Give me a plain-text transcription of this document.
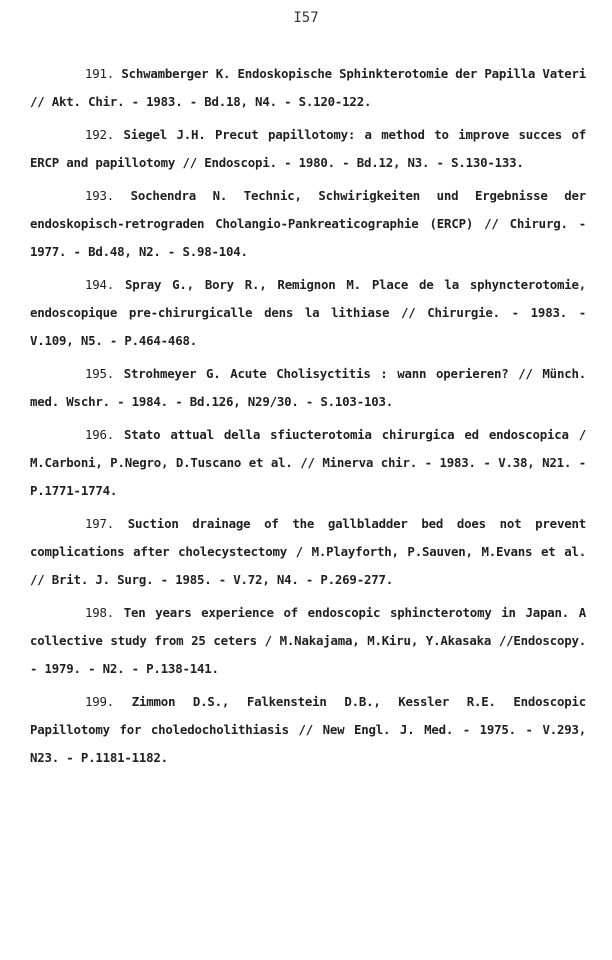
I57

191. Schwamberger K. Endoskopische Sphinkterotomie der Papilla Vateri // Akt. Chir. - 1983. - Bd.18, N4. - S.120-122.

192. Siegel J.H. Precut papillotomy: a method to improve succes of ERCP and papillotomy // Endoscopi. - 1980. - Bd.12, N3. - S.130-133.

193. Sochendra N. Technic, Schwirigkeiten und Ergebnisse der endoskopisch-retrograden Cholangio-Pankreaticographie (ERCP) // Chirurg. - 1977. - Bd.48, N2. - S.98-104.

194. Spray G., Bory R., Remignon M. Place de la sphyncterotomie, endoscopique pre-chirurgicalle dens la lithiase // Chirurgie. - 1983. - V.109, N5. - P.464-468.

195. Strohmeyer G. Acute Cholisyctitis : wann operieren? // Münch. med. Wschr. - 1984. - Bd.126, N29/30. - S.103-103.

196. Stato attual della sfiucterotomia chirurgica ed endoscopica / M.Carboni, P.Negro, D.Tuscano et al. // Minerva chir. - 1983. - V.38, N21. - P.1771-1774.

197. Suction drainage of the gallbladder bed does not prevent complications after cholecystectomy / M.Playforth, P.Sauven, M.Evans et al. // Brit. J. Surg. - 1985. - V.72, N4. - P.269-277.

198. Ten years experience of endoscopic sphincterotomy in Japan. A collective study from 25 ceters / M.Nakajama, M.Kiru, Y.Akasaka //Endoscopy. - 1979. - N2. - P.138-141.

199. Zimmon D.S., Falkenstein D.B., Kessler R.E. Endoscopic Papillotomy for choledocholithiasis // New Engl. J. Med. - 1975. - V.293, N23. - P.1181-1182.
